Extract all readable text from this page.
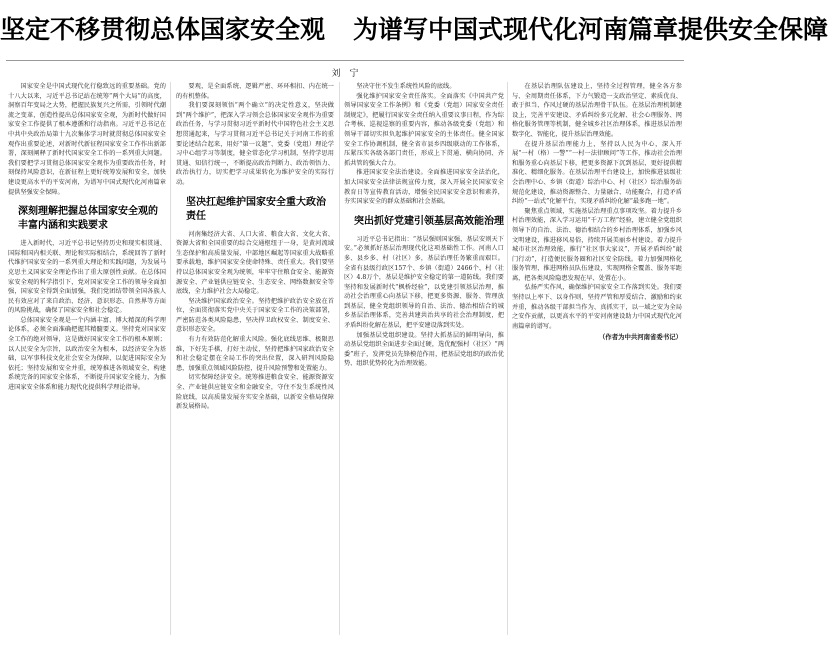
坚定不移贯彻总体国家安全观 为谱写中国式现代化河南篇章提供安全保障
刘　宁

国家安全是中国式现代化行稳致远的重要基础。党的十八大以来，习近平总书记站在统筹“两个大局”的高度，洞察百年变局之大势，把握民族复兴之所需，引领时代潮流之变革，创造性提出总体国家安全观，为新时代做好国家安全工作提供了根本遵循和行动指南。习近平总书记在中共中央政治局第十九次集体学习时就贯彻总体国家安全观作出重要论述，对新时代新征程国家安全工作作出新部署，深刻阐释了新时代国家安全工作的一系列重大问题。我们要把学习贯彻总体国家安全观作为重要政治任务，时刻保持风险意识，在新征程上更好统筹发展和安全，加快建设更高水平的平安河南，为谱写中国式现代化河南篇章提供坚强安全保障。

深刻理解把握总体国家安全观的丰富内涵和实践要求

进入新时代，习近平总书记坚持历史和现实相贯通、国际和国内相关联、理论和实际相结合，系统回答了新时代维护国家安全的一系列重大理论和实践问题，为发展马克思主义国家安全理论作出了重大原创性贡献。在总体国家安全观的科学指引下，党对国家安全工作的领导全面加强，国家安全得到全面加强，我们党团结带领全国各族人民有效应对了来自政治、经济、意识形态、自然界等方面的风险挑战，确保了国家安全和社会稳定。

总体国家安全观是一个内涵丰富、博大精深的科学理论体系，必须全面准确把握其精髓要义。坚持党对国家安全工作的绝对领导，这是做好国家安全工作的根本原则；以人民安全为宗旨，以政治安全为根本，以经济安全为基础，以军事科技文化社会安全为保障，以促进国际安全为依托；坚持发展和安全并重，统筹推进各领域安全，构建系统完备的国家安全体系，不断提升国家安全能力，为推进国家安全体系和能力现代化提供科学理论指导。

要观，是全面系统、逻辑严密、环环相扣、内在统一的有机整体。

我们要深刻领悟“两个确立”的决定性意义，坚决做到“两个维护”，把深入学习领会总体国家安全观作为重要政治任务，与学习贯彻习近平新时代中国特色社会主义思想贯通起来，与学习贯彻习近平总书记关于河南工作的重要论述结合起来，用好“第一议题”、党委（党组）理论学习中心组学习等制度，健全常态化学习机制，坚持学思用贯通、知信行统一，不断提高政治判断力、政治领悟力、政治执行力，切实把学习成果转化为维护安全的实际行动。

坚决扛起维护国家安全重大政治责任

河南集经济大省、人口大省、粮食大省、文化大省、资源大省和全国重要的综合交通枢纽于一身，是黄河流域生态保护和高质量发展、中部地区崛起等国家重大战略重要承载地，维护国家安全使命特殊、责任重大。我们要坚持以总体国家安全观为统领，牢牢守住粮食安全、能源资源安全、产业链供应链安全、生态安全、网络数据安全等底线，全力维护社会大局稳定。

坚决维护国家政治安全。坚持把维护政治安全放在首位，全面贯彻落实党中央关于国家安全工作的决策部署，严密防范各类风险隐患，坚决捍卫政权安全、制度安全、意识形态安全。

有力有效防范化解重大风险。强化底线思维、极限思维，下好先手棋、打好主动仗，坚持把维护国家政治安全和社会稳定摆在全局工作的突出位置，深入研判风险隐患，加强重点领域风险防控，提升风险预警和处置能力。

切实保障经济安全。统筹推进粮食安全、能源资源安全、产业链供应链安全和金融安全，守住不发生系统性风险底线，以高质量发展夯实安全基础，以新安全格局保障新发展格局。

坚决守住不发生系统性风险的底线。

强化维护国家安全责任落实。全面落实《中国共产党领导国家安全工作条例》和《党委（党组）国家安全责任制规定》，把履行国家安全责任纳入重要议事日程，作为综合考核、巡视巡察的重要内容，推动各级党委（党组）和领导干部切实担负起维护国家安全的主体责任。健全国家安全工作协调机制，健全省市县乡四级联动的工作体系，压紧压实各级各部门责任，形成上下贯通、横向协同、齐抓共管的强大合力。

推进国家安全法治建设。全面推进国家安全法治化，加大国家安全法律法规宣传力度，深入开展全民国家安全教育日等宣传教育活动，增强全民国家安全意识和素养，夯实国家安全的群众基础和社会基础。

突出抓好党建引领基层高效能治理

习近平总书记指出：“基层强则国家强，基层安则天下安。”必须抓好基层治理现代化这项基础性工作。河南人口多、县乡多、村（社区）多，基层治理任务繁重而艰巨。全省有县级行政区157个、乡镇（街道）2466个、村（社区）4.8万个，基层是维护安全稳定的第一道防线。我们要坚持和发展新时代“枫桥经验”，以党建引领基层治理，推动社会治理重心向基层下移，把更多资源、服务、管理放到基层，健全党组织领导的自治、法治、德治相结合的城乡基层治理体系，完善共建共治共享的社会治理制度，把矛盾纠纷化解在基层，把平安建设落到实处。

加强基层党组织建设。坚持大抓基层的鲜明导向，推动基层党组织全面进步全面过硬，选优配强村（社区）“两委”班子，发挥党员先锋模范作用，把基层党组织的政治优势、组织优势转化为治理效能。

在基层治理队伍建设上，坚持全过程管理，健全各方参与、全周期责任体系，下力气锻造一支政治坚定、素质优良、敢于担当、作风过硬的基层治理骨干队伍。在基层治理机制建设上，完善平安建设、矛盾纠纷多元化解、社会心理服务、网格化服务管理等机制，健全城乡社区治理体系，推进基层治理数字化、智能化，提升基层治理效能。

在提升基层治理能力上，坚持以人民为中心，深入开展“一村（格）一警”“一村一法律顾问”等工作，推动社会治理和服务重心向基层下移，把更多资源下沉到基层，更好提供精准化、精细化服务。在基层治理平台建设上，加快推进县级社会治理中心、乡镇（街道）综治中心、村（社区）综治服务站规范化建设，推动资源整合、力量融合、功能聚合，打造矛盾纠纷“一站式”化解平台，实现矛盾纠纷化解“最多跑一地”。

聚焦重点领域，实施基层治理重点事项攻坚。着力提升乡村治理效能，深入学习运用“千万工程”经验，建立健全党组织领导下的自治、法治、德治相结合的乡村治理体系，加强乡风文明建设，推进移风易俗，持续开展美丽乡村建设。着力提升城市社区治理效能，推行“社区事大家议”，开展矛盾纠纷“敲门行动”，打造便民服务圈和社区安全防线。着力加强网格化服务管理，推进网格员队伍建设，实现网格全覆盖、服务零距离，把各类风险隐患发现在早、处置在小。

弘扬严实作风，确保维护国家安全工作落到实处。我们要坚持以上率下、以身作则，坚持严管和厚爱结合、激励和约束并重，推动各级干部担当作为、真抓实干，以一域之安为全局之安作贡献，以更高水平的平安河南建设助力中国式现代化河南篇章的谱写。

（作者为中共河南省委书记）
